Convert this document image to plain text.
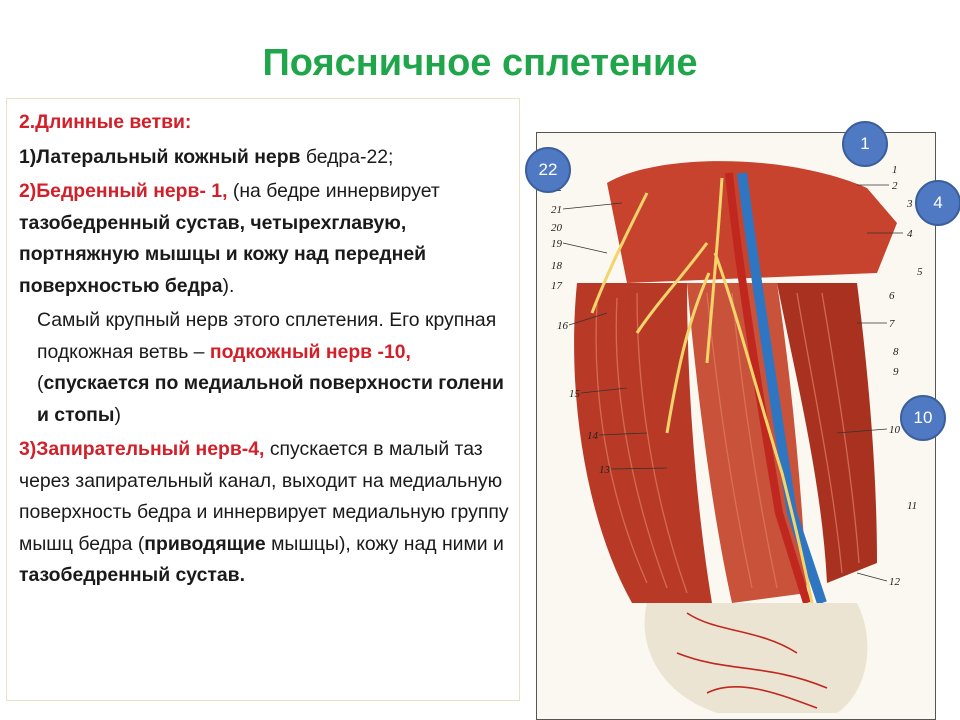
Поясничное сплетение

2.Длинные ветви:

1)Латеральный кожный нерв бедра-22;

2)Бедренный нерв- 1, (на бедре иннервирует тазобедренный сустав, четырехглавую, портняжную мышцы и кожу над передней поверхностью бедра).

Самый крупный нерв этого сплетения. Его крупная подкожная ветвь – подкожный нерв -10, (спускается по медиальной поверхности голени и стопы)

3)Запирательный нерв-4, спускается в малый таз через запирательный канал, выходит на медиальную поверхность бедра и иннервирует медиальную группу мышц бедра (приводящие мышцы), кожу над ними и тазобедренный сустав.

21
20
19
18
17
16
15
14
13
1
2
3
4
5
6
7
8
9
10
11
12
1
22
4
10
